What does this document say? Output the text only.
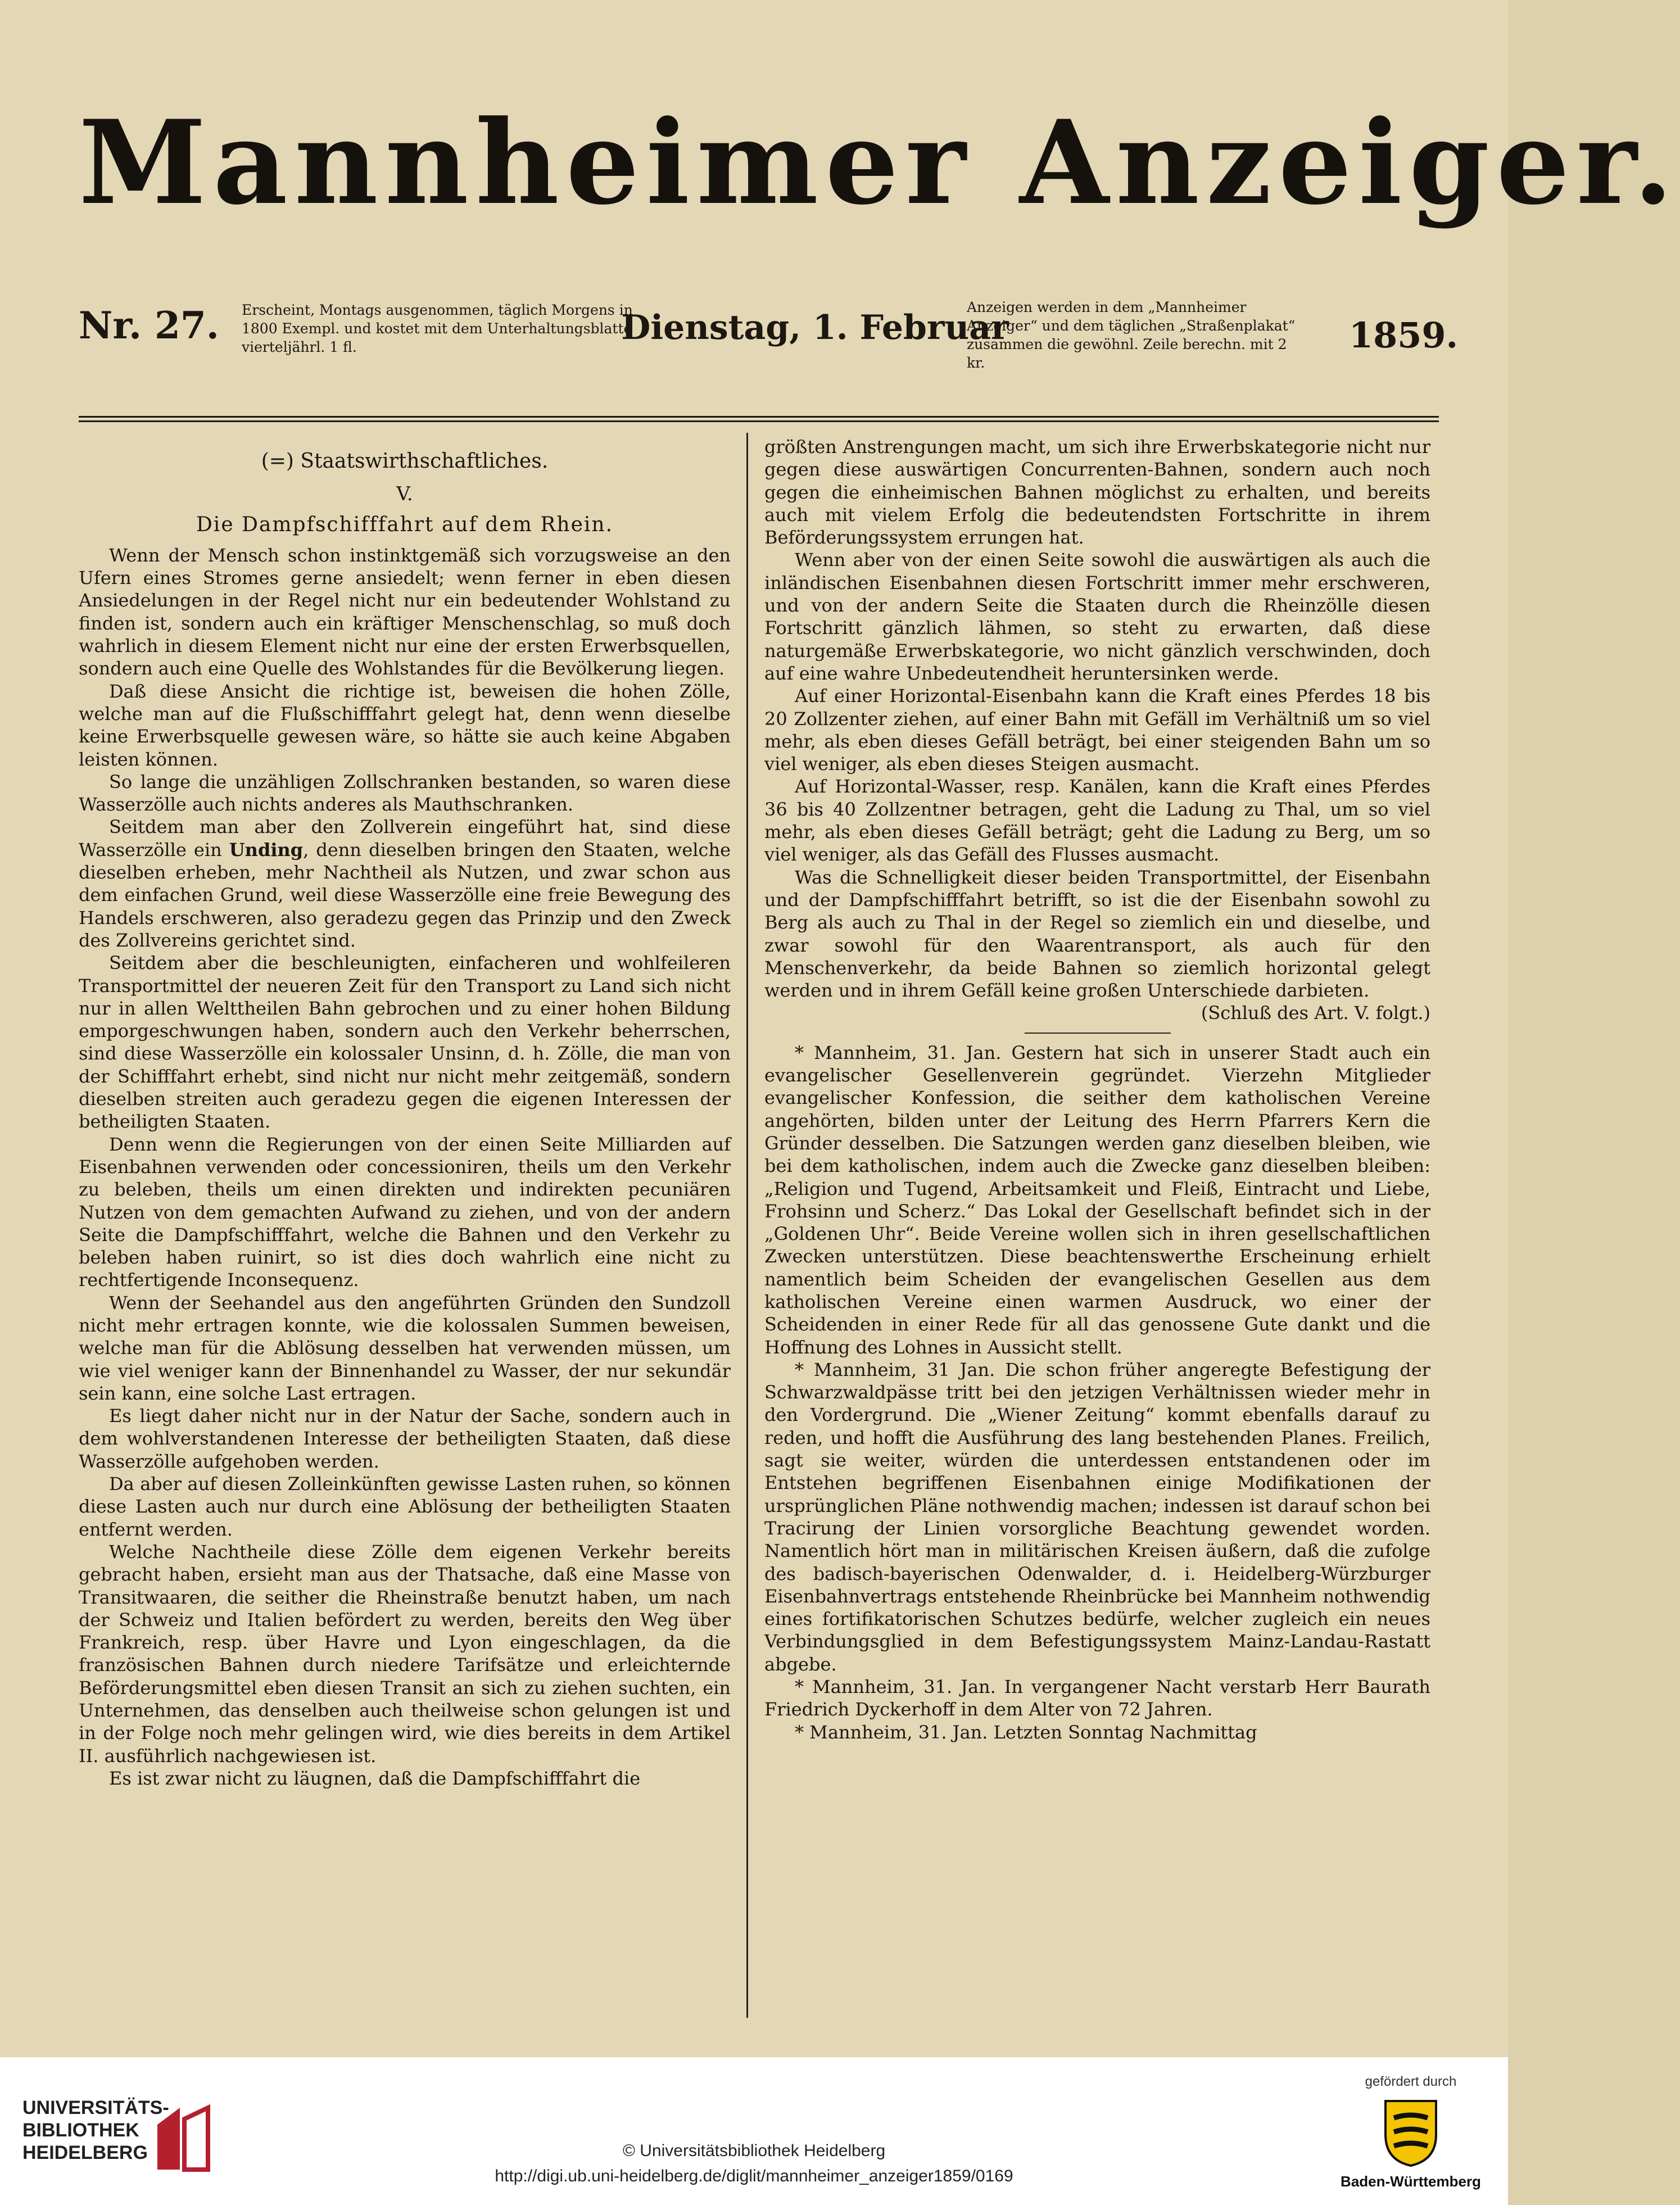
Mannheimer Anzeiger.
Nr. 27. Erscheint, Montags ausgenommen, täglich Morgens in 1800 Exempl. und kostet mit dem Unterhaltungsblatte vierteljährl. 1 fl.	Dienstag, 1. Februar
Anzeigen werden in dem „Mannheimer Anzeiger“ und dem täglichen „Straßenplakat“ zusammen die gewöhnl. Zeile berechn. mit 2 kr.
1859.
(=) Staatswirthschaftliches.
V.
Die Dampfschifffahrt auf dem Rhein.

Wenn der Mensch schon instinktgemäß sich vorzugsweise an den Ufern eines Stromes gerne ansiedelt; wenn ferner in eben diesen Ansiedelungen in der Regel nicht nur ein bedeutender Wohlstand zu finden ist, sondern auch ein kräftiger Menschenschlag, so muß doch wahrlich in diesem Element nicht nur eine der ersten Erwerbsquellen, sondern auch eine Quelle des Wohlstandes für die Bevölkerung liegen.

Daß diese Ansicht die richtige ist, beweisen die hohen Zölle, welche man auf die Flußschifffahrt gelegt hat, denn wenn dieselbe keine Erwerbsquelle gewesen wäre, so hätte sie auch keine Abgaben leisten können.

So lange die unzähligen Zollschranken bestanden, so waren diese Wasserzölle auch nichts anderes als Mauthschranken.

Seitdem man aber den Zollverein eingeführt hat, sind diese Wasserzölle ein Unding, denn dieselben bringen den Staaten, welche dieselben erheben, mehr Nachtheil als Nutzen, und zwar schon aus dem einfachen Grund, weil diese Wasserzölle eine freie Bewegung des Handels erschweren, also geradezu gegen das Prinzip und den Zweck des Zollvereins gerichtet sind.

Seitdem aber die beschleunigten, einfacheren und wohlfeileren Transportmittel der neueren Zeit für den Transport zu Land sich nicht nur in allen Welttheilen Bahn gebrochen und zu einer hohen Bildung emporgeschwungen haben, sondern auch den Verkehr beherrschen, sind diese Wasserzölle ein kolossaler Unsinn, d. h. Zölle, die man von der Schifffahrt erhebt, sind nicht nur nicht mehr zeitgemäß, sondern dieselben streiten auch geradezu gegen die eigenen Interessen der betheiligten Staaten.

Denn wenn die Regierungen von der einen Seite Milliarden auf Eisenbahnen verwenden oder concessioniren, theils um den Verkehr zu beleben, theils um einen direkten und indirekten pecuniären Nutzen von dem gemachten Aufwand zu ziehen, und von der andern Seite die Dampfschifffahrt, welche die Bahnen und den Verkehr zu beleben haben ruinirt, so ist dies doch wahrlich eine nicht zu rechtfertigende Inconsequenz.

Wenn der Seehandel aus den angeführten Gründen den Sundzoll nicht mehr ertragen konnte, wie die kolossalen Summen beweisen, welche man für die Ablösung desselben hat verwenden müssen, um wie viel weniger kann der Binnenhandel zu Wasser, der nur sekundär sein kann, eine solche Last ertragen.

Es liegt daher nicht nur in der Natur der Sache, sondern auch in dem wohlverstandenen Interesse der betheiligten Staaten, daß diese Wasserzölle aufgehoben werden.

Da aber auf diesen Zolleinkünften gewisse Lasten ruhen, so können diese Lasten auch nur durch eine Ablösung der betheiligten Staaten entfernt werden.

Welche Nachtheile diese Zölle dem eigenen Verkehr bereits gebracht haben, ersieht man aus der Thatsache, daß eine Masse von Transitwaaren, die seither die Rheinstraße benutzt haben, um nach der Schweiz und Italien befördert zu werden, bereits den Weg über Frankreich, resp. über Havre und Lyon eingeschlagen, da die französischen Bahnen durch niedere Tarifsätze und erleichternde Beförderungsmittel eben diesen Transit an sich zu ziehen suchten, ein Unternehmen, das denselben auch theilweise schon gelungen ist und in der Folge noch mehr gelingen wird, wie dies bereits in dem Artikel II. ausführlich nachgewiesen ist.

Es ist zwar nicht zu läugnen, daß die Dampfschifffahrt die

größten Anstrengungen macht, um sich ihre Erwerbskategorie nicht nur gegen diese auswärtigen Concurrenten-Bahnen, sondern auch noch gegen die einheimischen Bahnen möglichst zu erhalten, und bereits auch mit vielem Erfolg die bedeutendsten Fortschritte in ihrem Beförderungssystem errungen hat.

Wenn aber von der einen Seite sowohl die auswärtigen als auch die inländischen Eisenbahnen diesen Fortschritt immer mehr erschweren, und von der andern Seite die Staaten durch die Rheinzölle diesen Fortschritt gänzlich lähmen, so steht zu erwarten, daß diese naturgemäße Erwerbskategorie, wo nicht gänzlich verschwinden, doch auf eine wahre Unbedeutendheit heruntersinken werde.

Auf einer Horizontal-Eisenbahn kann die Kraft eines Pferdes 18 bis 20 Zollzenter ziehen, auf einer Bahn mit Gefäll im Verhältniß um so viel mehr, als eben dieses Gefäll beträgt, bei einer steigenden Bahn um so viel weniger, als eben dieses Steigen ausmacht.

Auf Horizontal-Wasser, resp. Kanälen, kann die Kraft eines Pferdes 36 bis 40 Zollzentner betragen, geht die Ladung zu Thal, um so viel mehr, als eben dieses Gefäll beträgt; geht die Ladung zu Berg, um so viel weniger, als das Gefäll des Flusses ausmacht.

Was die Schnelligkeit dieser beiden Transportmittel, der Eisenbahn und der Dampfschifffahrt betrifft, so ist die der Eisenbahn sowohl zu Berg als auch zu Thal in der Regel so ziemlich ein und dieselbe, und zwar sowohl für den Waarentransport, als auch für den Menschenverkehr, da beide Bahnen so ziemlich horizontal gelegt werden und in ihrem Gefäll keine großen Unterschiede darbieten.

(Schluß des Art. V. folgt.)

* Mannheim, 31. Jan. Gestern hat sich in unserer Stadt auch ein evangelischer Gesellenverein gegründet. Vierzehn Mitglieder evangelischer Konfession, die seither dem katholischen Vereine angehörten, bilden unter der Leitung des Herrn Pfarrers Kern die Gründer desselben. Die Satzungen werden ganz dieselben bleiben, wie bei dem katholischen, indem auch die Zwecke ganz dieselben bleiben: „Religion und Tugend, Arbeitsamkeit und Fleiß, Eintracht und Liebe, Frohsinn und Scherz.“ Das Lokal der Gesellschaft befindet sich in der „Goldenen Uhr“. Beide Vereine wollen sich in ihren gesellschaftlichen Zwecken unterstützen. Diese beachtenswerthe Erscheinung erhielt namentlich beim Scheiden der evangelischen Gesellen aus dem katholischen Vereine einen warmen Ausdruck, wo einer der Scheidenden in einer Rede für all das genossene Gute dankt und die Hoffnung des Lohnes in Aussicht stellt.

* Mannheim, 31 Jan. Die schon früher angeregte Befestigung der Schwarzwaldpässe tritt bei den jetzigen Verhältnissen wieder mehr in den Vordergrund. Die „Wiener Zeitung“ kommt ebenfalls darauf zu reden, und hofft die Ausführung des lang bestehenden Planes. Freilich, sagt sie weiter, würden die unterdessen entstandenen oder im Entstehen begriffenen Eisenbahnen einige Modifikationen der ursprünglichen Pläne nothwendig machen; indessen ist darauf schon bei Tracirung der Linien vorsorgliche Beachtung gewendet worden. Namentlich hört man in militärischen Kreisen äußern, daß die zufolge des badisch-bayerischen Odenwalder, d. i. Heidelberg-Würzburger Eisenbahnvertrags entstehende Rheinbrücke bei Mannheim nothwendig eines fortifikatorischen Schutzes bedürfe, welcher zugleich ein neues Verbindungsglied in dem Befestigungssystem Mainz-Landau-Rastatt abgebe.

* Mannheim, 31. Jan. In vergangener Nacht verstarb Herr Baurath Friedrich Dyckerhoff in dem Alter von 72 Jahren.

* Mannheim, 31. Jan. Letzten Sonntag Nachmittag

UNIVERSITÄTS-
BIBLIOTHEK
HEIDELBERG	© Universitätsbibliothek Heidelberg
http://digi.ub.uni-heidelberg.de/diglit/mannheimer_anzeiger1859/0169
gefördert durch
Baden-Württemberg
